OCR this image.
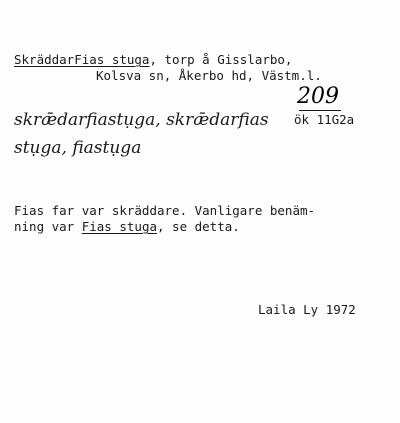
SkräddarFias stuga, torp å Gisslarbo,
Kolsva sn, Åkerbo hd, Västm.l.
209
skrǣdarfiastụga, skrǣdarfias ök 11G2a
stụga, fiastụga
Fias far var skräddare. Vanligare benäm-
ning var Fias stuga, se detta.
Laila Ly 1972
